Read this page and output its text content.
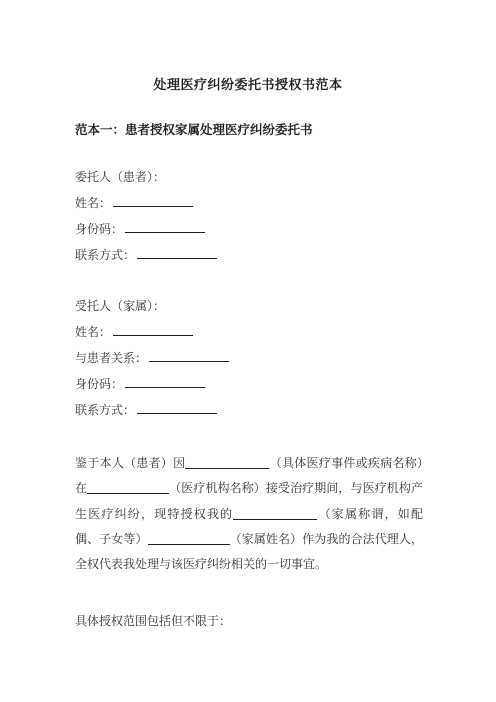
处理医疗纠纷委托书授权书范本
范本一：患者授权家属处理医疗纠纷委托书
委托人（患者）：
姓名：
身份码：
联系方式：
受托人（家属）：
姓名：
与患者关系：
身份码：
联系方式：
鉴于本人（患者）因	（具体医疗事件或疾病名称）在	（医疗机构名称）接受治疗期间，与医疗机构产生医疗纠纷，现特授权我的	（家属称谓，如配偶、子女等）	（家属姓名）作为我的合法代理人，全权代表我处理与该医疗纠纷相关的一切事宜。
具体授权范围包括但不限于：
